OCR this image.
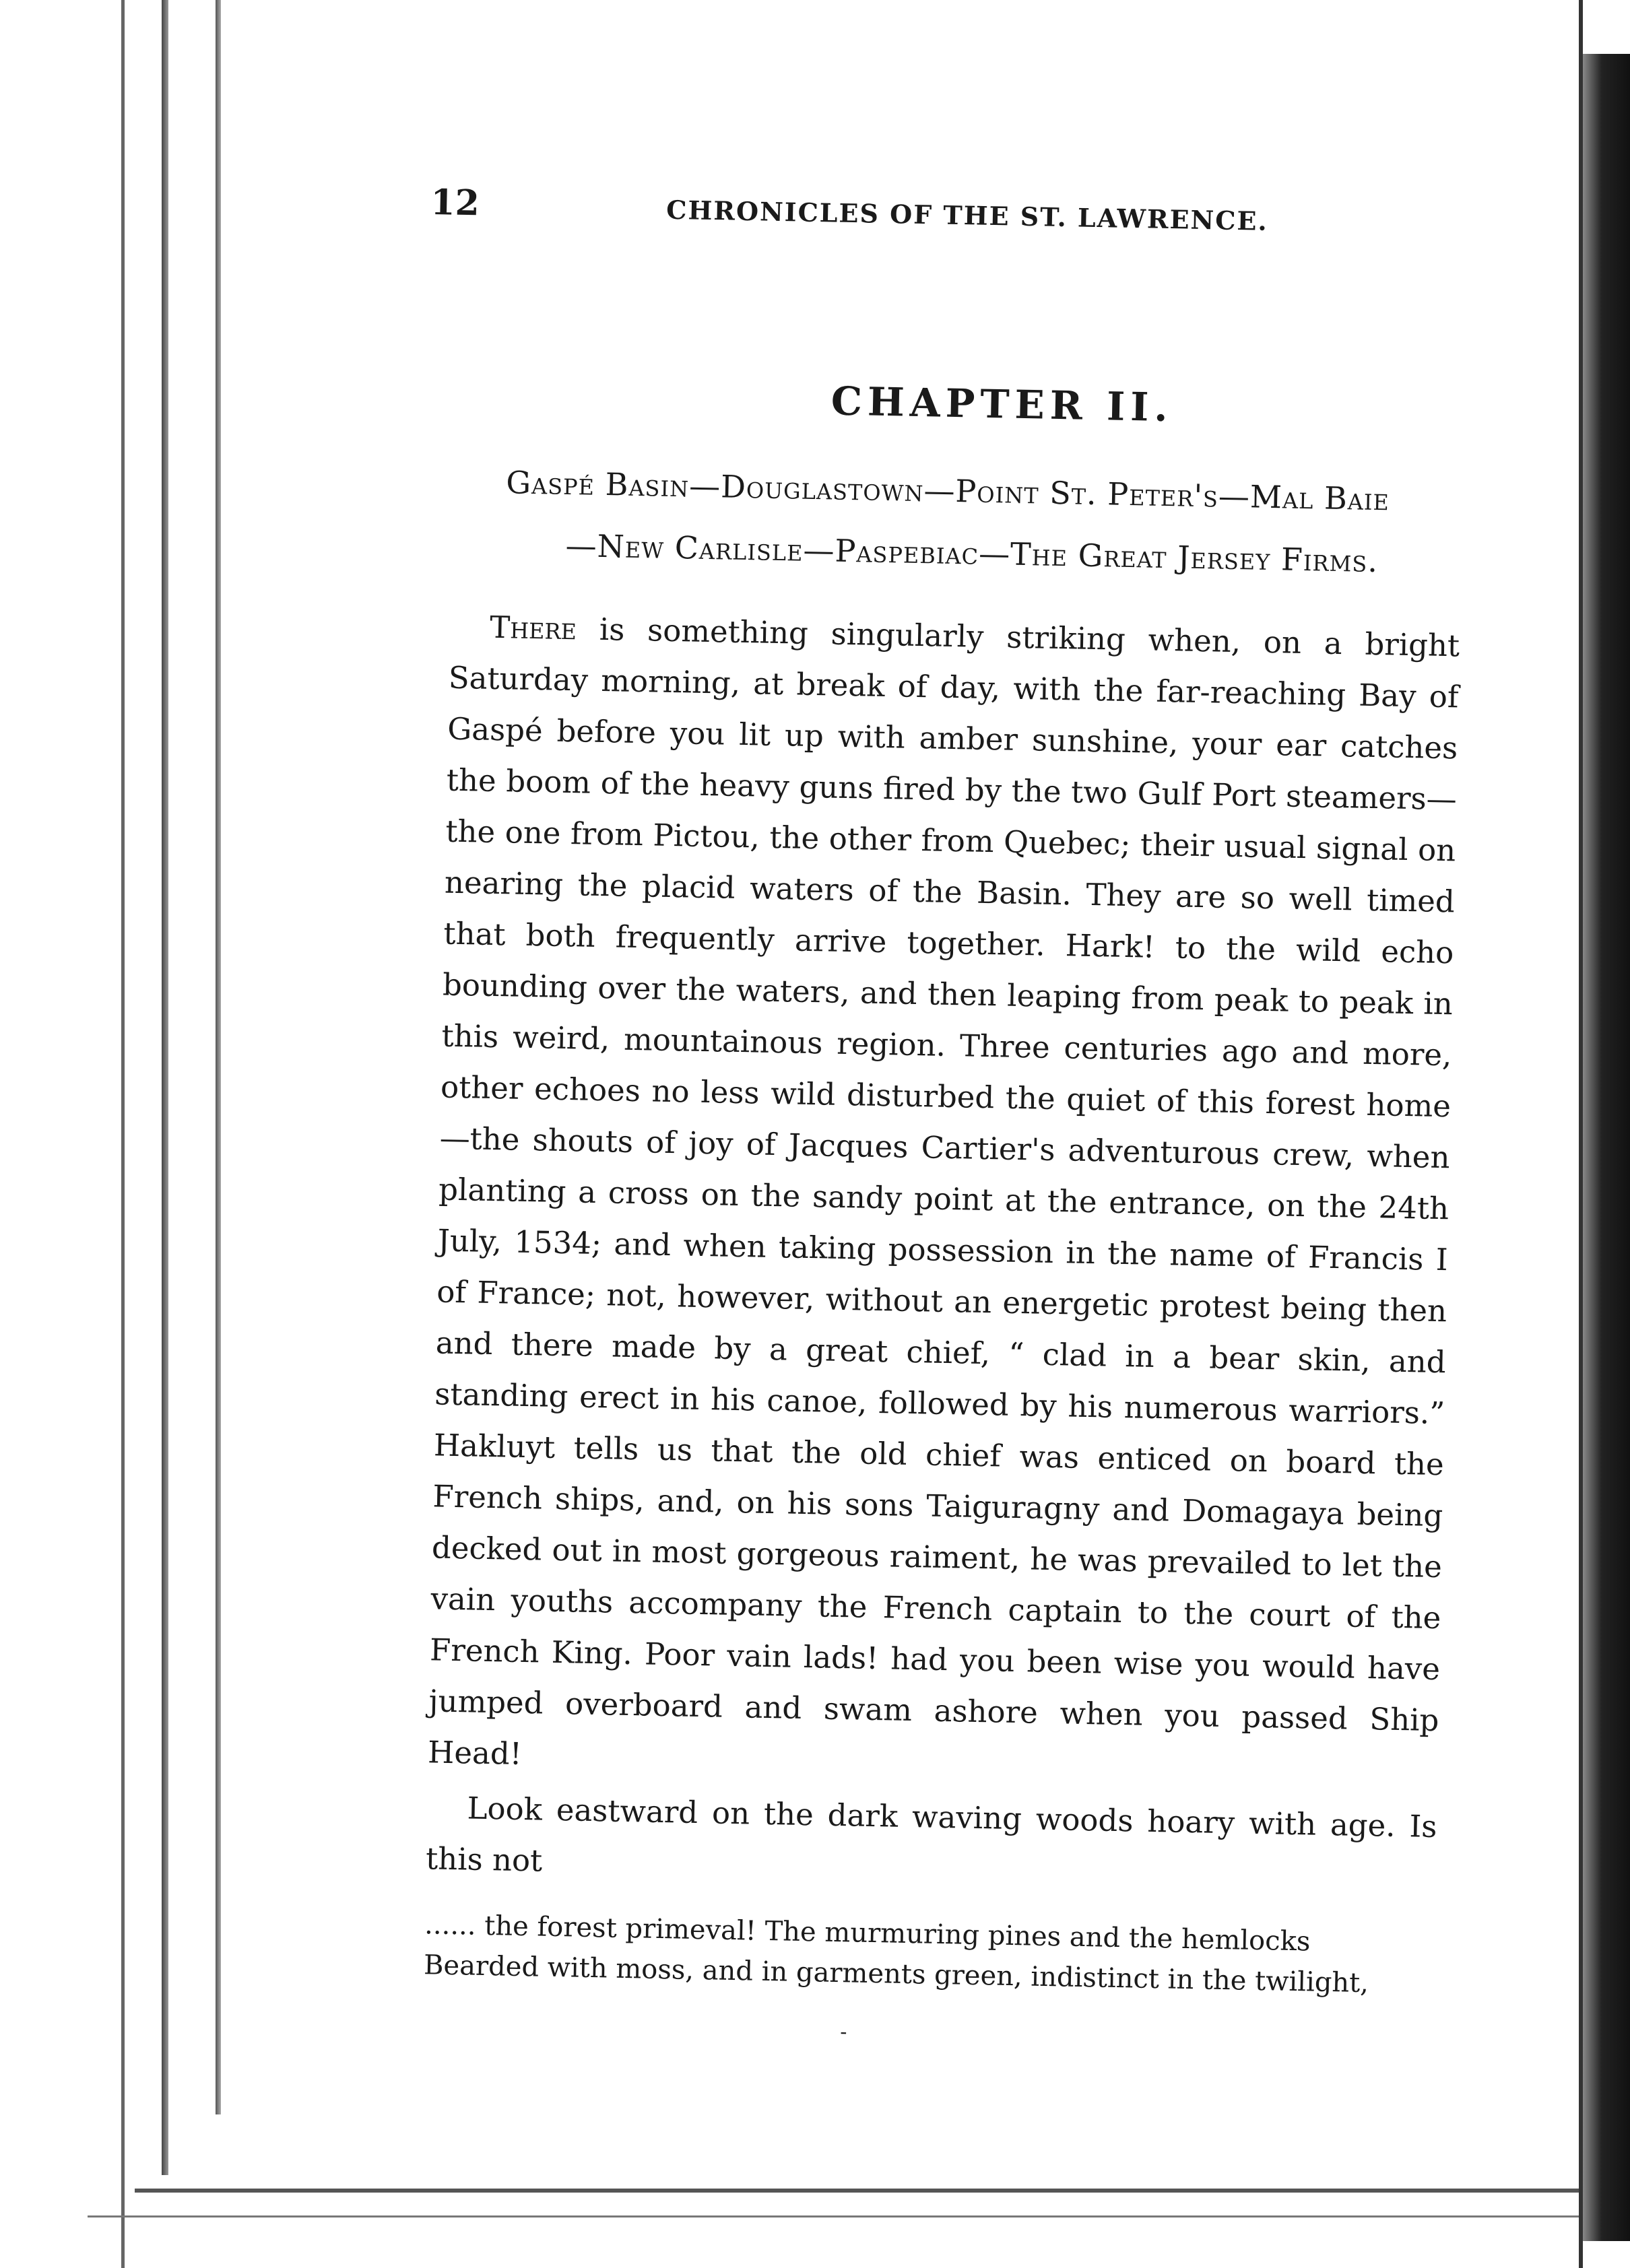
12	CHRONICLES OF THE ST. LAWRENCE.
CHAPTER II.
Gaspé Basin—Douglastown—Point St. Peter's—Mal Baie
—New Carlisle—Paspebiac—The Great Jersey Firms.

There is something singularly striking when, on a bright Saturday morning, at break of day, with the far-reaching Bay of Gaspé before you lit up with amber sunshine, your ear catches the boom of the heavy guns fired by the two Gulf Port steamers—the one from Pictou, the other from Quebec; their usual signal on nearing the placid waters of the Basin. They are so well timed that both frequently arrive together. Hark! to the wild echo bounding over the waters, and then leaping from peak to peak in this weird, mountainous region. Three centuries ago and more, other echoes no less wild disturbed the quiet of this forest home—the shouts of joy of Jacques Cartier's adventurous crew, when planting a cross on the sandy point at the entrance, on the 24th July, 1534; and when taking possession in the name of Francis I of France; not, however, without an energetic protest being then and there made by a great chief, “ clad in a bear skin, and standing erect in his canoe, followed by his numerous warriors.” Hakluyt tells us that the old chief was enticed on board the French ships, and, on his sons Taiguragny and Domagaya being decked out in most gorgeous raiment, he was prevailed to let the vain youths accompany the French captain to the court of the French King. Poor vain lads! had you been wise you would have jumped overboard and swam ashore when you passed Ship Head!

Look eastward on the dark waving woods hoary with age. Is this not

...... the forest primeval! The murmuring pines and the hemlocks
Bearded with moss, and in garments green, indistinct in the twilight,
-
